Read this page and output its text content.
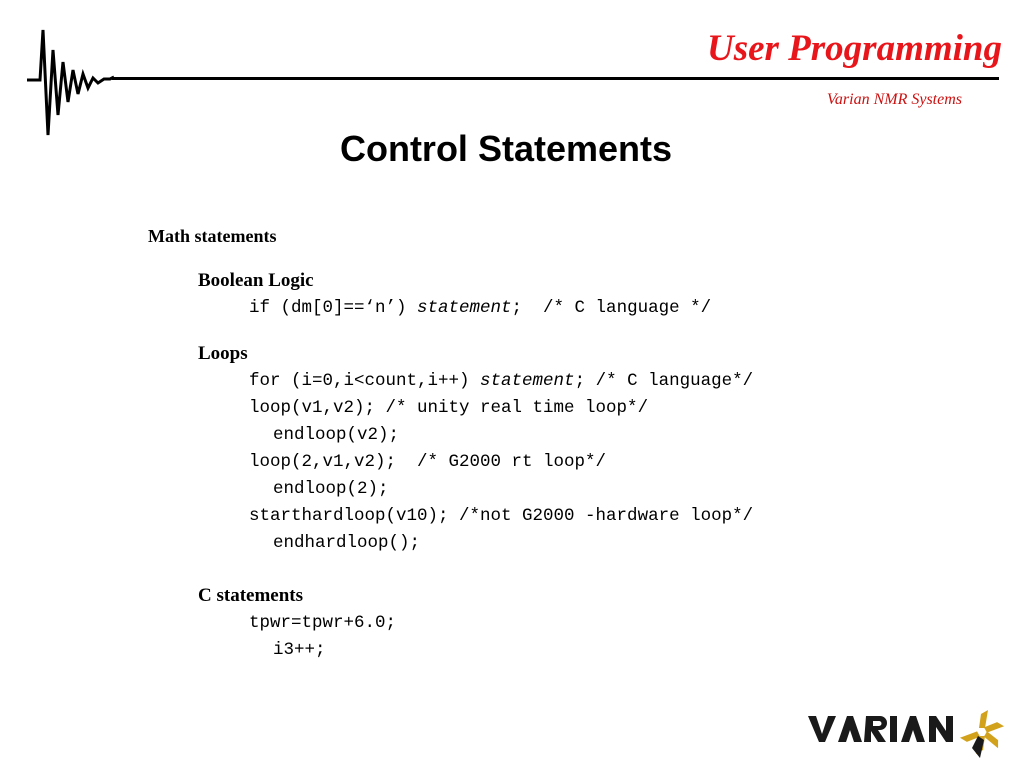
User Programming
Varian NMR Systems
Control Statements
Math statements
Boolean Logic
if (dm[0]==‘n’) statement;  /* C language */
Loops
for (i=0,i<count,i++) statement; /* C language*/
loop(v1,v2); /* unity real time loop*/
endloop(v2);
loop(2,v1,v2);  /* G2000 rt loop*/
endloop(2);
starthardloop(v10); /*not G2000 -hardware loop*/
endhardloop();
C statements
tpwr=tpwr+6.0;
i3++;
